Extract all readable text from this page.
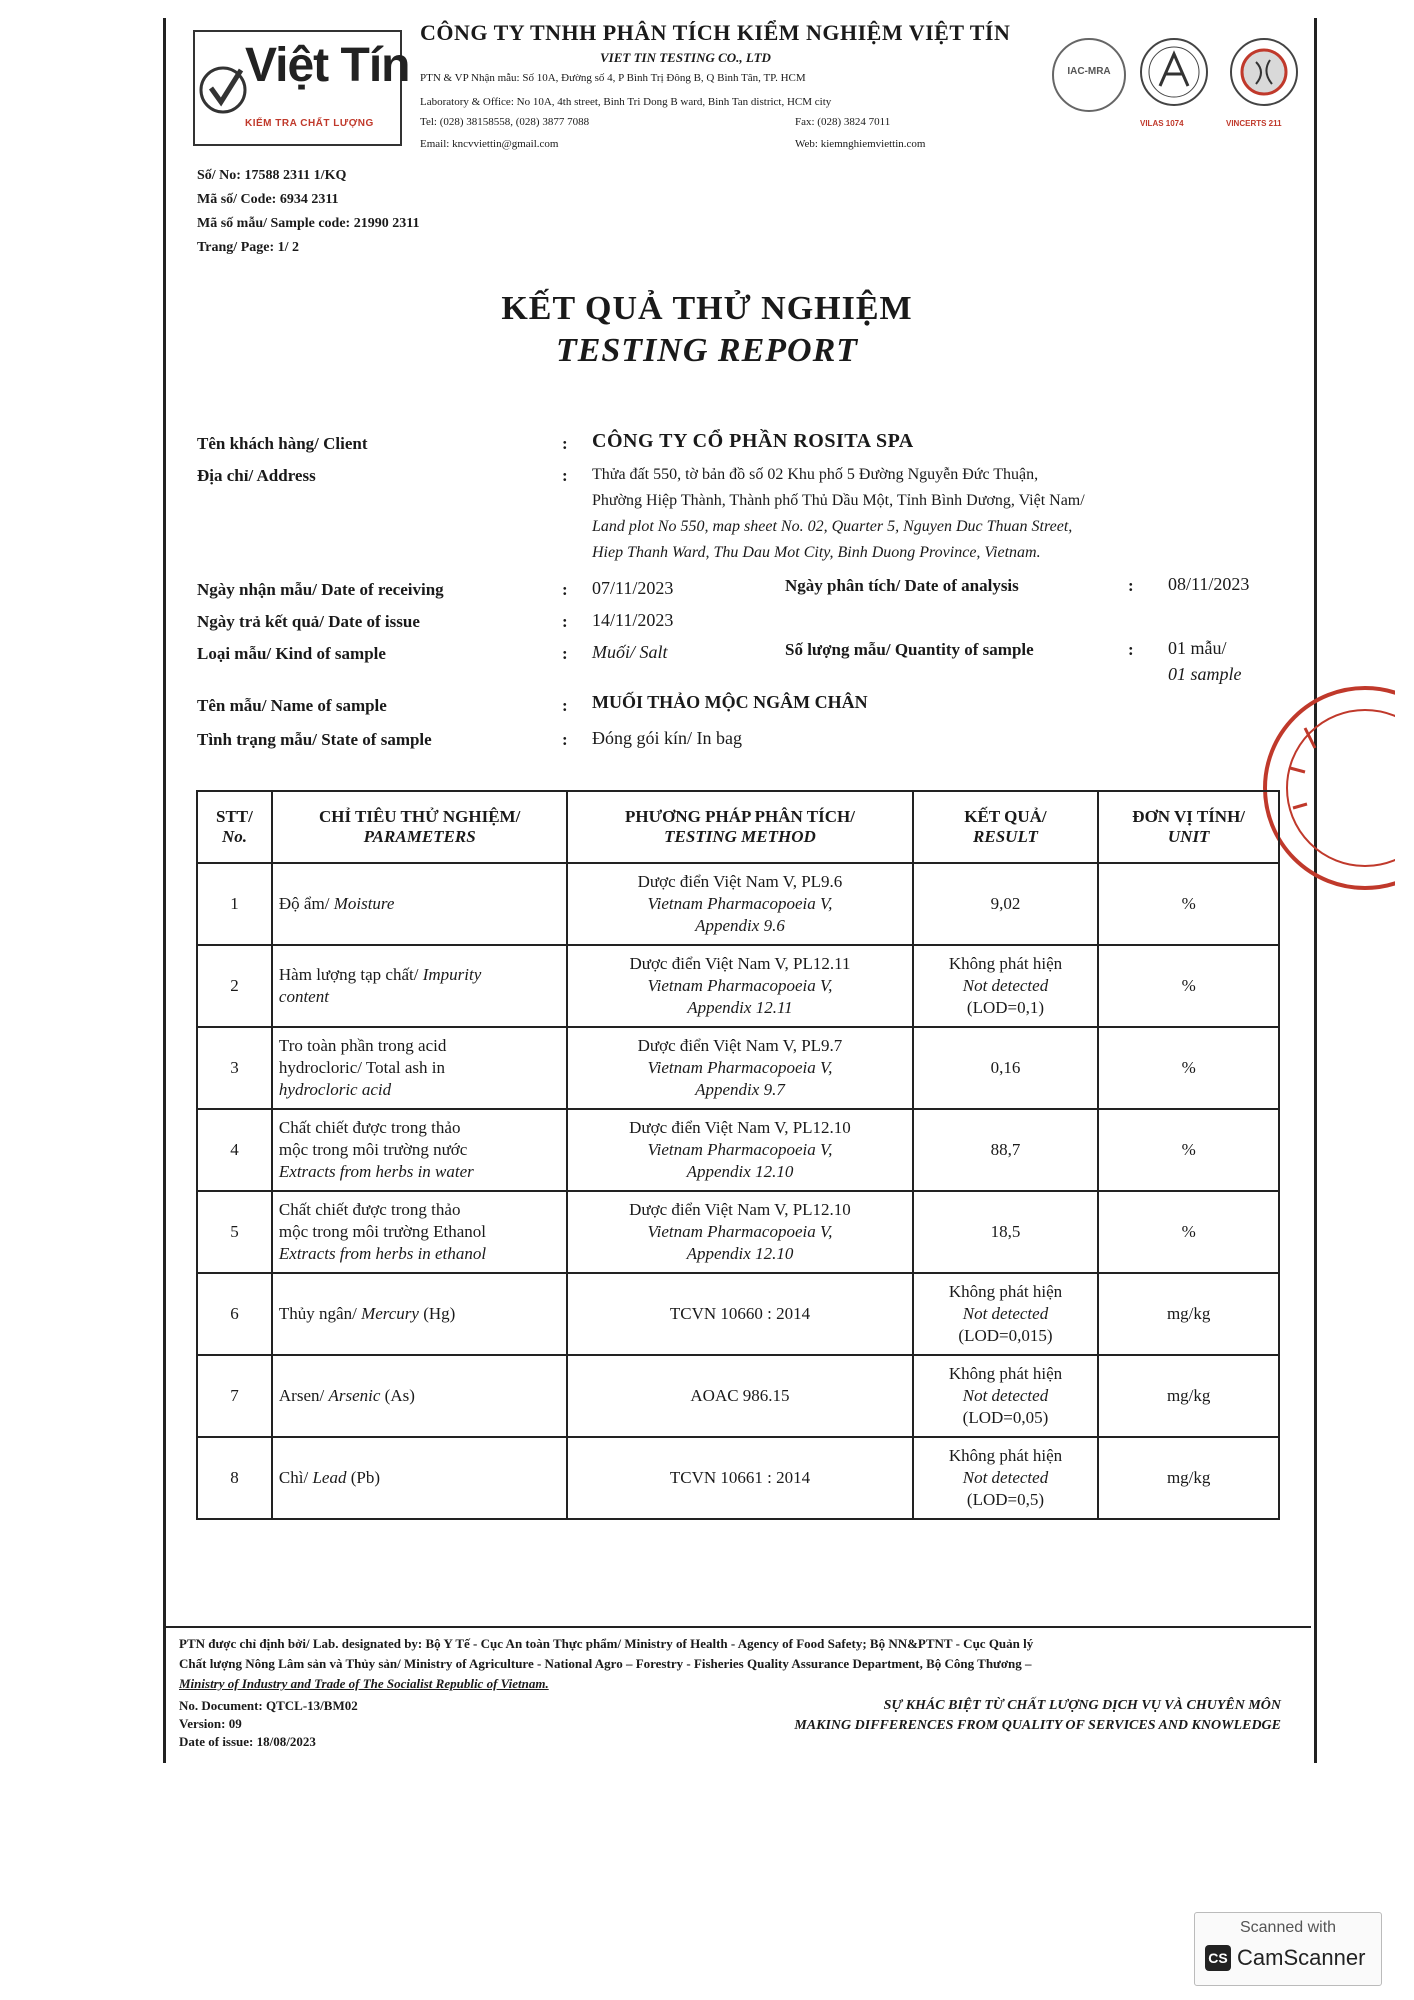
Việt Tín
KIỂM TRA CHẤT LƯỢNG
CÔNG TY TNHH PHÂN TÍCH KIỂM NGHIỆM VIỆT TÍN
VIET TIN TESTING CO., LTD
PTN & VP Nhận mẫu: Số 10A, Đường số 4, P Bình Trị Đông B, Q Bình Tân, TP. HCM
Laboratory & Office: No 10A, 4th street, Binh Tri Dong B ward, Binh Tan district, HCM city
Tel: (028) 38158558, (028) 3877 7088	Fax: (028) 3824 7011
Email: kncvviettin@gmail.com	Web: kiemnghiemviettin.com
IAC-MRA
VILAS 1074	VINCERTS 211
Số/ No: 17588 2311 1/KQ
Mã số/ Code: 6934 2311
Mã số mẫu/ Sample code: 21990 2311
Trang/ Page: 1/ 2
KẾT QUẢ THỬ NGHIỆM
TESTING REPORT
Tên khách hàng/ Client	: CÔNG TY CỔ PHẦN ROSITA SPA
Địa chỉ/ Address	: Thửa đất 550, tờ bản đồ số 02 Khu phố 5 Đường Nguyễn Đức Thuận,
Phường Hiệp Thành, Thành phố Thủ Dầu Một, Tỉnh Bình Dương, Việt Nam/
Land plot No 550, map sheet No. 02, Quarter 5, Nguyen Duc Thuan Street,
Hiep Thanh Ward, Thu Dau Mot City, Binh Duong Province, Vietnam.
Ngày nhận mẫu/ Date of receiving	: 07/11/2023	Ngày phân tích/ Date of analysis	: 08/11/2023
Ngày trả kết quả/ Date of issue	: 14/11/2023
Loại mẫu/ Kind of sample	: Muối/ Salt	Số lượng mẫu/ Quantity of sample	: 01 mẫu/
01 sample
Tên mẫu/ Name of sample	: MUỐI THẢO MỘC NGÂM CHÂN
Tình trạng mẫu/ State of sample	: Đóng gói kín/ In bag
STT/
No.	CHỈ TIÊU THỬ NGHIỆM/
PARAMETERS	PHƯƠNG PHÁP PHÂN TÍCH/
TESTING METHOD	KẾT QUẢ/
RESULT	ĐƠN VỊ TÍNH/
UNIT
1	Độ ẩm/ Moisture	Dược điển Việt Nam V, PL9.6
Vietnam Pharmacopoeia V,
Appendix 9.6	9,02	%
2	Hàm lượng tạp chất/ Impurity
content	Dược điển Việt Nam V, PL12.11
Vietnam Pharmacopoeia V,
Appendix 12.11	Không phát hiện
Not detected
(LOD=0,1)	%
3	Tro toàn phần trong acid
hydrocloric/ Total ash in
hydrocloric acid	Dược điển Việt Nam V, PL9.7
Vietnam Pharmacopoeia V,
Appendix 9.7	0,16	%
4	Chất chiết được trong thảo
mộc trong môi trường nước
Extracts from herbs in water	Dược điển Việt Nam V, PL12.10
Vietnam Pharmacopoeia V,
Appendix 12.10	88,7	%
5	Chất chiết được trong thảo
mộc trong môi trường Ethanol
Extracts from herbs in ethanol	Dược điển Việt Nam V, PL12.10
Vietnam Pharmacopoeia V,
Appendix 12.10	18,5	%
6	Thủy ngân/ Mercury (Hg)	TCVN 10660 : 2014	Không phát hiện
Not detected
(LOD=0,015)	mg/kg
7	Arsen/ Arsenic (As)	AOAC 986.15	Không phát hiện
Not detected
(LOD=0,05)	mg/kg
8	Chì/ Lead (Pb)	TCVN 10661 : 2014	Không phát hiện
Not detected
(LOD=0,5)	mg/kg
PTN được chỉ định bởi/ Lab. designated by: Bộ Y Tế - Cục An toàn Thực phẩm/ Ministry of Health - Agency of Food Safety; Bộ NN&PTNT - Cục Quản lý
Chất lượng Nông Lâm sản và Thủy sản/ Ministry of Agriculture - National Agro – Forestry - Fisheries Quality Assurance Department, Bộ Công Thương –
Ministry of Industry and Trade of The Socialist Republic of Vietnam.
No. Document: QTCL-13/BM02
Version: 09
Date of issue: 18/08/2023
SỰ KHÁC BIỆT TỪ CHẤT LƯỢNG DỊCH VỤ VÀ CHUYÊN MÔN
MAKING DIFFERENCES FROM QUALITY OF SERVICES AND KNOWLEDGE
Scanned with
CS CamScanner
